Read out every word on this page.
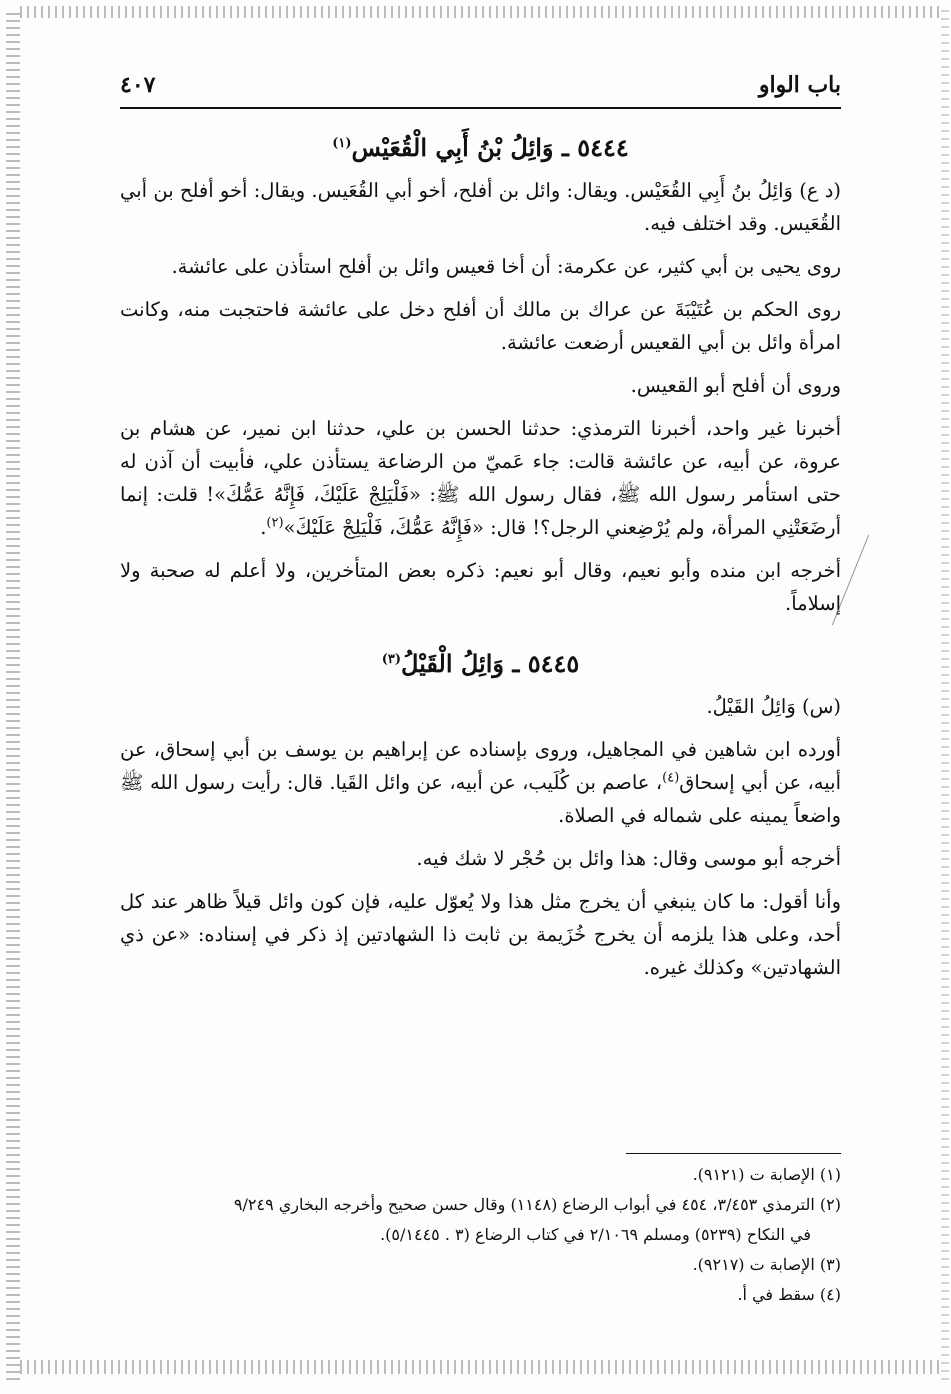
باب الواو
٤٠٧
٥٤٤٤ ـ وَائِلُ بْنُ أَبِي الْقُعَيْس$^{(١)}$

(د ع) وَائِلُ بنُ أَبِي القُعَيْس. ويقال: وائل بن أفلح، أخو أبي القُعَيس. ويقال: أخو أفلح بن أبي القُعَيس. وقد اختلف فيه.

روى يحيى بن أبي كثير، عن عكرمة: أن أخا قعيس وائل بن أفلح استأذن على عائشة.

روى الحكم بن عُتَيْبَةَ عن عراك بن مالك أن أفلح دخل على عائشة فاحتجبت منه، وكانت امرأة وائل بن أبي القعيس أرضعت عائشة.

وروى أن أفلح أبو القعيس.

أخبرنا غير واحد، أخبرنا الترمذي: حدثنا الحسن بن علي، حدثنا ابن نمير، عن هشام بن عروة، عن أبيه، عن عائشة قالت: جاء عَميّ من الرضاعة يستأذن علي، فأبيت أن آذن له حتى استأمر رسول الله ﷺ، فقال رسول الله ﷺ: «فَلْيَلِجْ عَلَيْكَ، فَإِنَّهُ عَمُّكَ»! قلت: إنما أرضَعَتْنِي المرأة، ولم يُرْضِعني الرجل؟! قال: «فَإِنَّهُ عَمُّكَ، فَلْيَلِجْ عَلَيْكَ»$^{(٢)}$.

أخرجه ابن منده وأبو نعيم، وقال أبو نعيم: ذكره بعض المتأخرين، ولا أعلم له صحبة ولا إسلاماً.

٥٤٤٥ ـ وَائِلُ الْقَيْلُ$^{(٣)}$

(س) وَائِلُ القَيْلُ.

أورده ابن شاهين في المجاهيل، وروى بإسناده عن إبراهيم بن يوسف بن أبي إسحاق، عن أبيه، عن أبي إسحاق$^{(٤)}$، عاصم بن كُلَيب، عن أبيه، عن وائل القَيا. قال: رأيت رسول الله ﷺ واضعاً يمينه على شماله في الصلاة.

أخرجه أبو موسى وقال: هذا وائل بن حُجْر لا شك فيه.

وأنا أقول: ما كان ينبغي أن يخرج مثل هذا ولا يُعوّل عليه، فإن كون وائل قيلاً ظاهر عند كل أحد، وعلى هذا يلزمه أن يخرج خُزَيمة بن ثابت ذا الشهادتين إذ ذكر في إسناده: «عن ذي الشهادتين» وكذلك غيره.

(١) الإصابة ت (٩١٢١).

(٢) الترمذي ٣/٤٥٣، ٤٥٤ في أبواب الرضاع (١١٤٨) وقال حسن صحيح وأخرجه البخاري ٩/٢٤٩

في النكاح (٥٢٣٩) ومسلم ٢/١٠٦٩ في كتاب الرضاع (٣ . ٥/١٤٤٥).

(٣) الإصابة ت (٩٢١٧).

(٤) سقط في أ.
